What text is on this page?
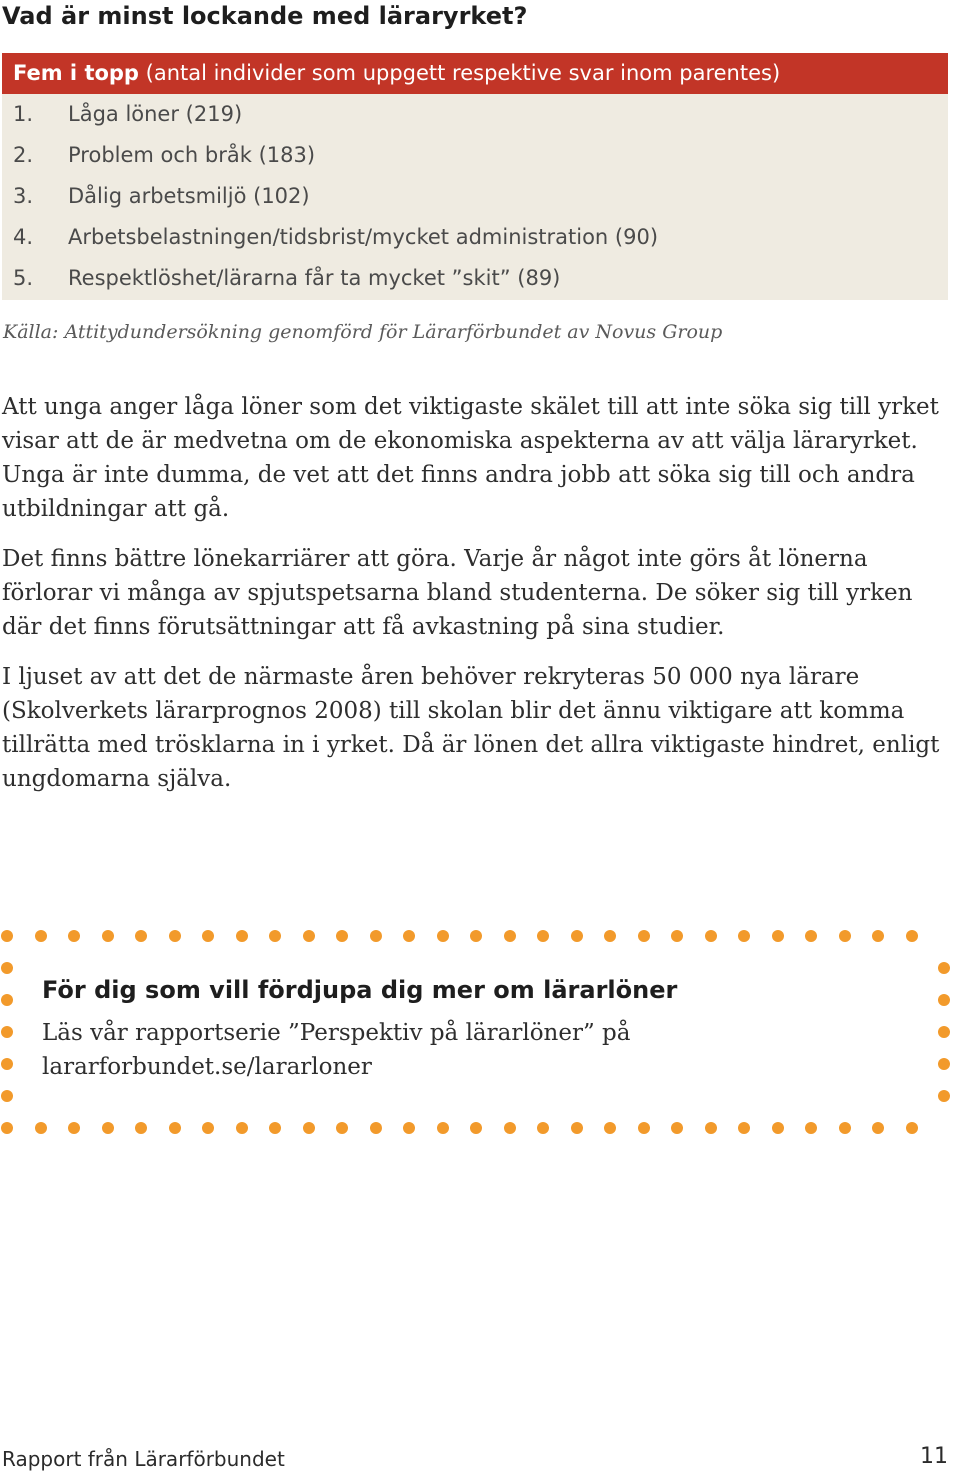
Vad är minst lockande med läraryrket?
Fem i topp (antal individer som uppgett respektive svar inom parentes)
1. Låga löner (219)
2. Problem och bråk (183)
3. Dålig arbetsmiljö (102)
4. Arbetsbelastningen/tidsbrist/mycket administration (90)
5. Respektlöshet/lärarna får ta mycket ”skit” (89)
Källa: Attitydundersökning genomförd för Lärarförbundet av Novus Group

Att unga anger låga löner som det viktigaste skälet till att inte söka sig till yrket visar att de är medvetna om de ekonomiska aspekterna av att välja läraryrket. Unga är inte dumma, de vet att det finns andra jobb att söka sig till och andra utbildningar att gå.

Det finns bättre lönekarriärer att göra. Varje år något inte görs åt lönerna förlorar vi många av spjutspetsarna bland studenterna. De söker sig till yrken där det finns förutsättningar att få avkastning på sina studier.

I ljuset av att det de närmaste åren behöver rekryteras 50 000 nya lärare (Skolverkets lärarprognos 2008) till skolan blir det ännu viktigare att komma tillrätta med trösklarna in i yrket. Då är lönen det allra viktigaste hindret, enligt ungdomarna själva.

För dig som vill fördjupa dig mer om lärarlöner
Läs vår rapportserie ”Perspektiv på lärarlöner” på
lararforbundet.se/lararloner
Rapport från Lärarförbundet	11
